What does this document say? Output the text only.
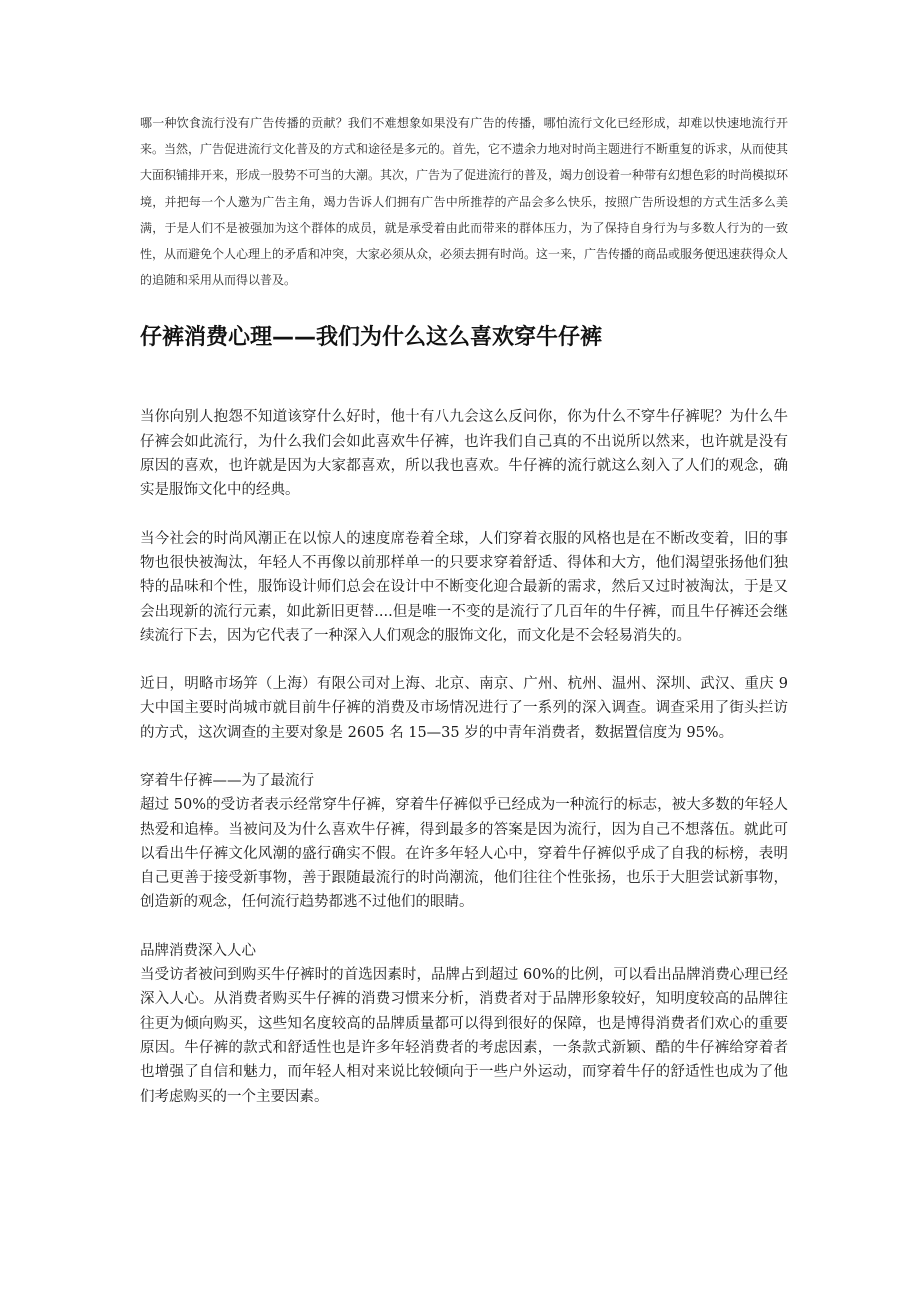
哪一种饮食流行没有广告传播的贡献？我们不难想象如果没有广告的传播，哪怕流行文化已经形成，却难以快速地流行开来。当然，广告促进流行文化普及的方式和途径是多元的。首先，它不遗余力地对时尚主题进行不断重复的诉求，从而使其大面积铺排开来，形成一股势不可当的大潮。其次，广告为了促进流行的普及，竭力创设着一种带有幻想色彩的时尚模拟环境，并把每一个人邀为广告主角，竭力告诉人们拥有广告中所推荐的产品会多么快乐，按照广告所设想的方式生活多么美满，于是人们不是被强加为这个群体的成员，就是承受着由此而带来的群体压力，为了保持自身行为与多数人行为的一致性，从而避免个人心理上的矛盾和冲突，大家必须从众，必须去拥有时尚。这一来，广告传播的商品或服务便迅速获得众人的追随和采用从而得以普及。

仔裤消费心理——我们为什么这么喜欢穿牛仔裤

当你向别人抱怨不知道该穿什么好时，他十有八九会这么反问你，你为什么不穿牛仔裤呢？为什么牛仔裤会如此流行，为什么我们会如此喜欢牛仔裤，也许我们自己真的不出说所以然来，也许就是没有原因的喜欢，也许就是因为大家都喜欢，所以我也喜欢。牛仔裤的流行就这么刻入了人们的观念，确实是服饰文化中的经典。

当今社会的时尚风潮正在以惊人的速度席卷着全球，人们穿着衣服的风格也是在不断改变着，旧的事物也很快被淘汰，年轻人不再像以前那样单一的只要求穿着舒适、得体和大方，他们渴望张扬他们独特的品味和个性，服饰设计师们总会在设计中不断变化迎合最新的需求，然后又过时被淘汰，于是又会出现新的流行元素，如此新旧更替....但是唯一不变的是流行了几百年的牛仔裤，而且牛仔裤还会继续流行下去，因为它代表了一种深入人们观念的服饰文化，而文化是不会轻易消失的。

近日，明略市场笄（上海）有限公司对上海、北京、南京、广州、杭州、温州、深圳、武汉、重庆 9 大中国主要时尚城市就目前牛仔裤的消费及市场情况进行了一系列的深入调查。调查采用了街头拦访的方式，这次调查的主要对象是 2605 名 15—35 岁的中青年消费者，数据置信度为 95%。

穿着牛仔裤——为了最流行

超过 50%的受访者表示经常穿牛仔裤，穿着牛仔裤似乎已经成为一种流行的标志，被大多数的年轻人热爱和追棒。当被问及为什么喜欢牛仔裤，得到最多的答案是因为流行，因为自己不想落伍。就此可以看出牛仔裤文化风潮的盛行确实不假。在许多年轻人心中，穿着牛仔裤似乎成了自我的标榜，表明自己更善于接受新事物，善于跟随最流行的时尚潮流，他们往往个性张扬，也乐于大胆尝试新事物，创造新的观念，任何流行趋势都逃不过他们的眼睛。

品牌消费深入人心

当受访者被问到购买牛仔裤时的首选因素时，品牌占到超过 60%的比例，可以看出品牌消费心理已经深入人心。从消费者购买牛仔裤的消费习惯来分析，消费者对于品牌形象较好，知明度较高的品牌往往更为倾向购买，这些知名度较高的品牌质量都可以得到很好的保障，也是博得消费者们欢心的重要原因。牛仔裤的款式和舒适性也是许多年轻消费者的考虑因素，一条款式新颖、酷的牛仔裤给穿着者也增强了自信和魅力，而年轻人相对来说比较倾向于一些户外运动，而穿着牛仔的舒适性也成为了他们考虑购买的一个主要因素。
